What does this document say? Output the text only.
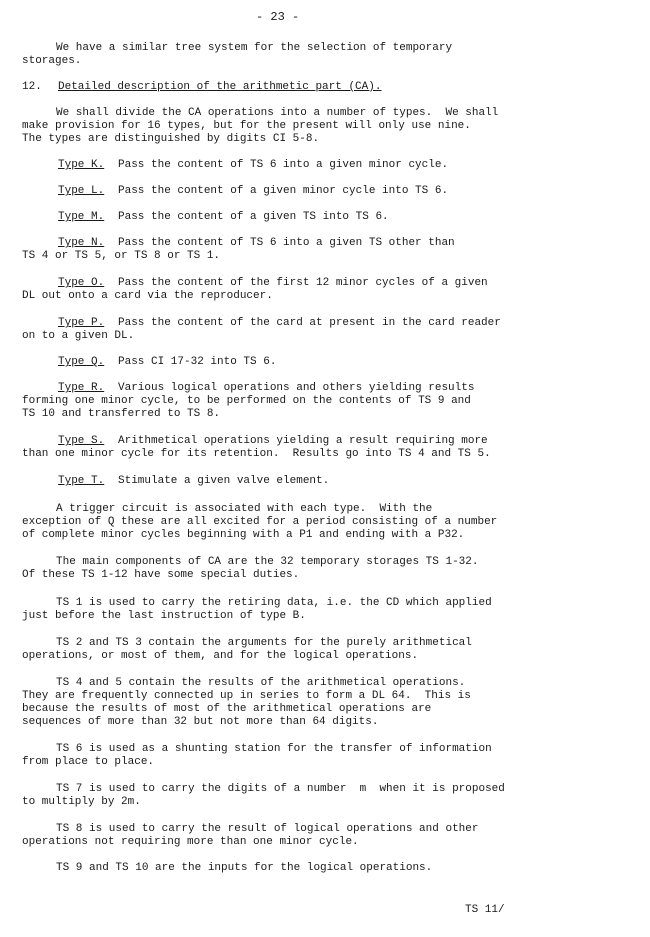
- 23 -

We have a similar tree system for the selection of temporary

storages.

12. Detailed description of the arithmetic part (CA).

We shall divide the CA operations into a number of types.  We shall

make provision for 16 types, but for the present will only use nine.

The types are distinguished by digits CI 5-8.

Type K. Pass the content of TS 6 into a given minor cycle.

Type L. Pass the content of a given minor cycle into TS 6.

Type M. Pass the content of a given TS into TS 6.

Type N. Pass the content of TS 6 into a given TS other than

TS 4 or TS 5, or TS 8 or TS 1.

Type O. Pass the content of the first 12 minor cycles of a given

DL out onto a card via the reproducer.

Type P. Pass the content of the card at present in the card reader

on to a given DL.

Type Q. Pass CI 17-32 into TS 6.

Type R. Various logical operations and others yielding results

forming one minor cycle, to be performed on the contents of TS 9 and

TS 10 and transferred to TS 8.

Type S. Arithmetical operations yielding a result requiring more

than one minor cycle for its retention.  Results go into TS 4 and TS 5.

Type T. Stimulate a given valve element.

A trigger circuit is associated with each type.  With the

exception of Q these are all excited for a period consisting of a number

of complete minor cycles beginning with a P1 and ending with a P32.

The main components of CA are the 32 temporary storages TS 1-32.

Of these TS 1-12 have some special duties.

TS 1 is used to carry the retiring data, i.e. the CD which applied

just before the last instruction of type B.

TS 2 and TS 3 contain the arguments for the purely arithmetical

operations, or most of them, and for the logical operations.

TS 4 and 5 contain the results of the arithmetical operations.

They are frequently connected up in series to form a DL 64.  This is

because the results of most of the arithmetical operations are

sequences of more than 32 but not more than 64 digits.

TS 6 is used as a shunting station for the transfer of information

from place to place.

TS 7 is used to carry the digits of a number  m  when it is proposed

to multiply by 2m.

TS 8 is used to carry the result of logical operations and other

operations not requiring more than one minor cycle.

TS 9 and TS 10 are the inputs for the logical operations.

TS 11/
